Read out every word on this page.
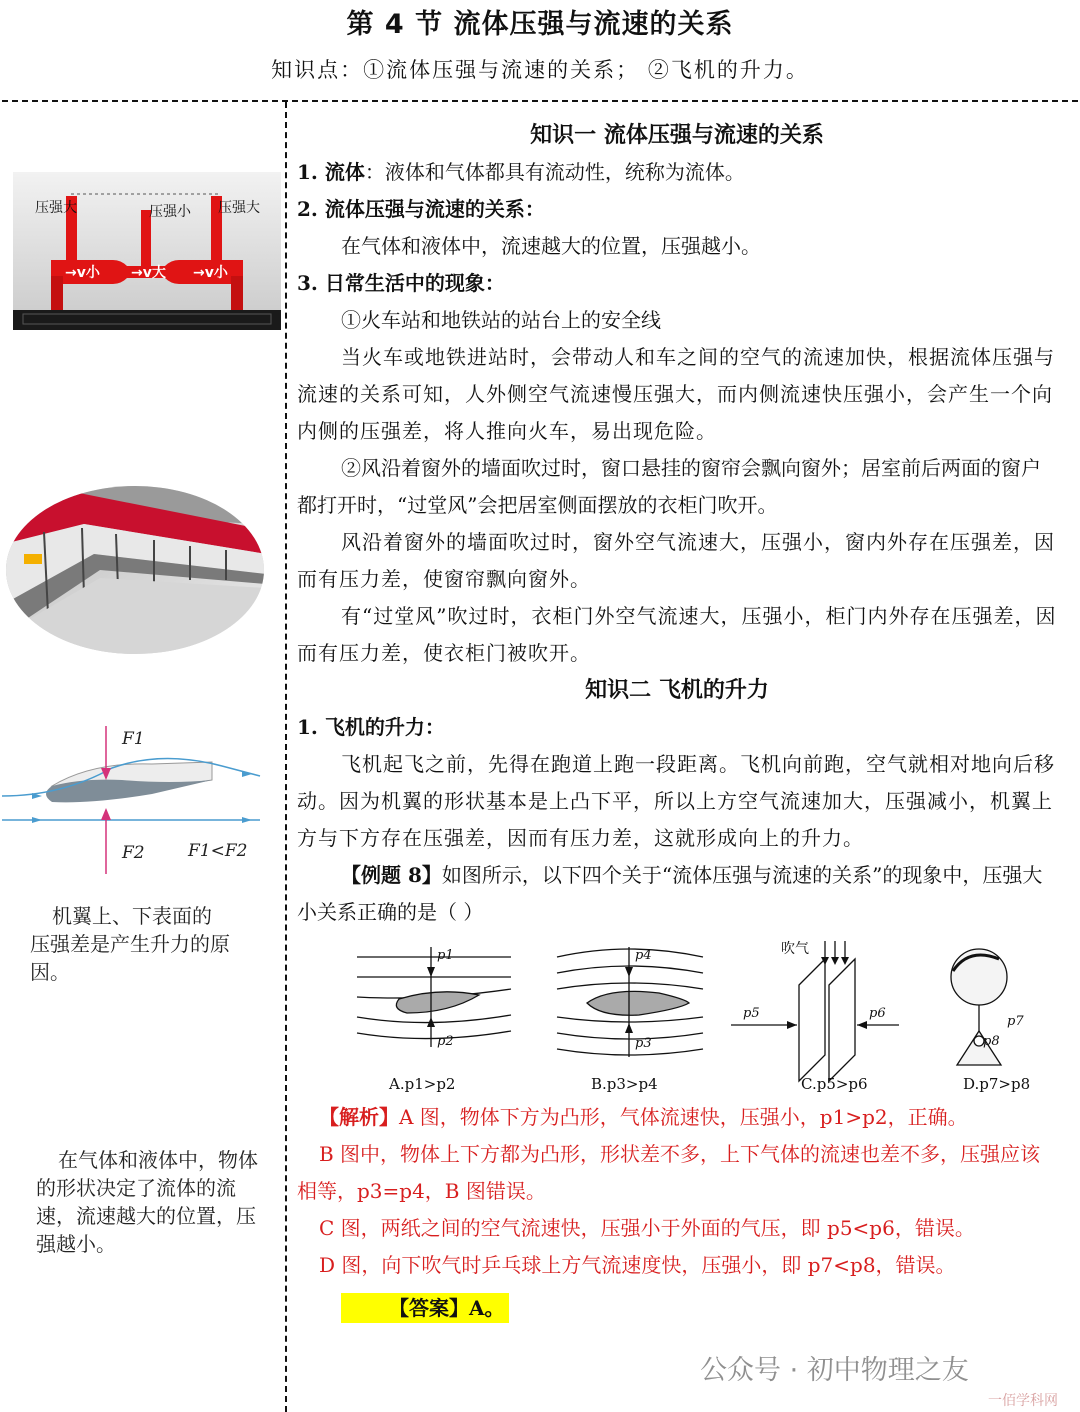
第 4 节 流体压强与流速的关系
知识点：①流体压强与流速的关系； ②飞机的升力。
压强大	压强小 压强大
→v小 →v大 →v小
F1
F2	F1<F2
机翼上、下表面的压强差是产生升力的原因。
在气体和液体中，物体的形状决定了流体的流速，流速越大的位置，压强越小。

知识一 流体压强与流速的关系

1. 流体：液体和气体都具有流动性，统称为流体。

2. 流体压强与流速的关系：

在气体和液体中，流速越大的位置，压强越小。

3. 日常生活中的现象：

①火车站和地铁站的站台上的安全线

当火车或地铁进站时，会带动人和车之间的空气的流速加快，根据流体压强与流速的关系可知，人外侧空气流速慢压强大，而内侧流速快压强小，会产生一个向内侧的压强差，将人推向火车，易出现危险。

②风沿着窗外的墙面吹过时，窗口悬挂的窗帘会飘向窗外；居室前后两面的窗户都打开时，“过堂风”会把居室侧面摆放的衣柜门吹开。

风沿着窗外的墙面吹过时，窗外空气流速大，压强小，窗内外存在压强差，因而有压力差，使窗帘飘向窗外。

有“过堂风”吹过时，衣柜门外空气流速大，压强小，柜门内外存在压强差，因而有压力差，使衣柜门被吹开。

知识二 飞机的升力

1. 飞机的升力：

飞机起飞之前，先得在跑道上跑一段距离。飞机向前跑，空气就相对地向后移动。因为机翼的形状基本是上凸下平，所以上方空气流速加大，压强减小，机翼上方与下方存在压强差，因而有压力差，这就形成向上的升力。

【例题 8】如图所示，以下四个关于“流体压强与流速的关系”的现象中，压强大小关系正确的是（ ）

p1
p2
p4
p3
p5	p6
p7
p8
吹气
A.p1>p2	B.p3>p4	C.p5>p6	D.p7>p8

【解析】A 图，物体下方为凸形，气体流速快，压强小，p1>p2，正确。

B 图中，物体上下方都为凸形，形状差不多，上下气体的流速也差不多，压强应该相等，p3=p4，B 图错误。

C 图，两纸之间的空气流速快，压强小于外面的气压，即 p5<p6，错误。

D 图，向下吹气时乒乓球上方气流速度快，压强小，即 p7<p8，错误。

【答案】A。

公众号 · 初中物理之友
一佰学科网
